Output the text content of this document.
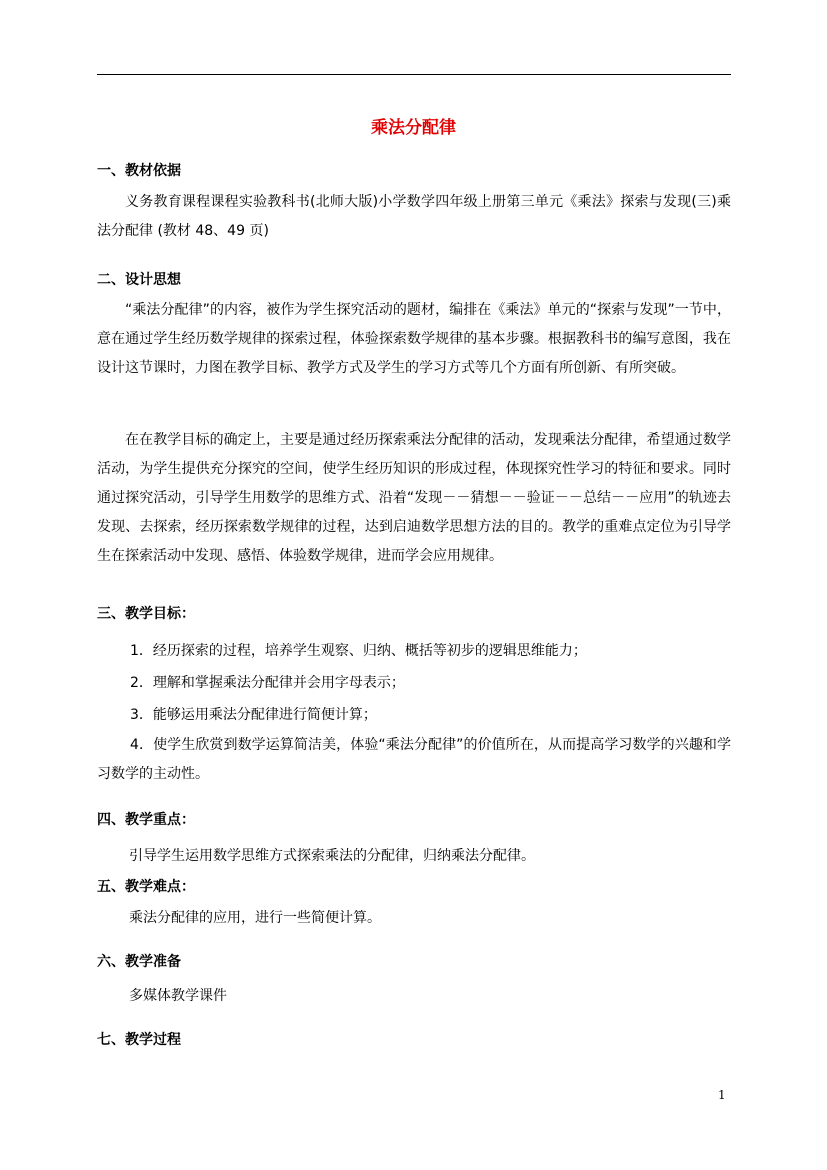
乘法分配律
一、教材依据
义务教育课程课程实验教科书(北师大版)小学数学四年级上册第三单元《乘法》探索与发现(三)乘法分配律 (教材 48、49 页)
二、设计思想
“乘法分配律”的内容，被作为学生探究活动的题材，编排在《乘法》单元的“探索与发现”一节中，意在通过学生经历数学规律的探索过程，体验探索数学规律的基本步骤。根据教科书的编写意图，我在设计这节课时，力图在教学目标、教学方式及学生的学习方式等几个方面有所创新、有所突破。
在在教学目标的确定上，主要是通过经历探索乘法分配律的活动，发现乘法分配律，希望通过数学活动，为学生提供充分探究的空间，使学生经历知识的形成过程，体现探究性学习的特征和要求。同时通过探究活动，引导学生用数学的思维方式、沿着“发现－－猜想－－验证－－总结－－应用”的轨迹去发现、去探索，经历探索数学规律的过程，达到启迪数学思想方法的目的。教学的重难点定位为引导学生在探索活动中发现、感悟、体验数学规律，进而学会应用规律。
三、教学目标：
1．经历探索的过程，培养学生观察、归纳、概括等初步的逻辑思维能力；
2．理解和掌握乘法分配律并会用字母表示；
3．能够运用乘法分配律进行简便计算；
4．使学生欣赏到数学运算简洁美，体验“乘法分配律”的价值所在，从而提高学习数学的兴趣和学习数学的主动性。
四、教学重点：
引导学生运用数学思维方式探索乘法的分配律，归纳乘法分配律。
五、教学难点：
乘法分配律的应用，进行一些简便计算。
六、教学准备
多媒体教学课件
七、教学过程
1
